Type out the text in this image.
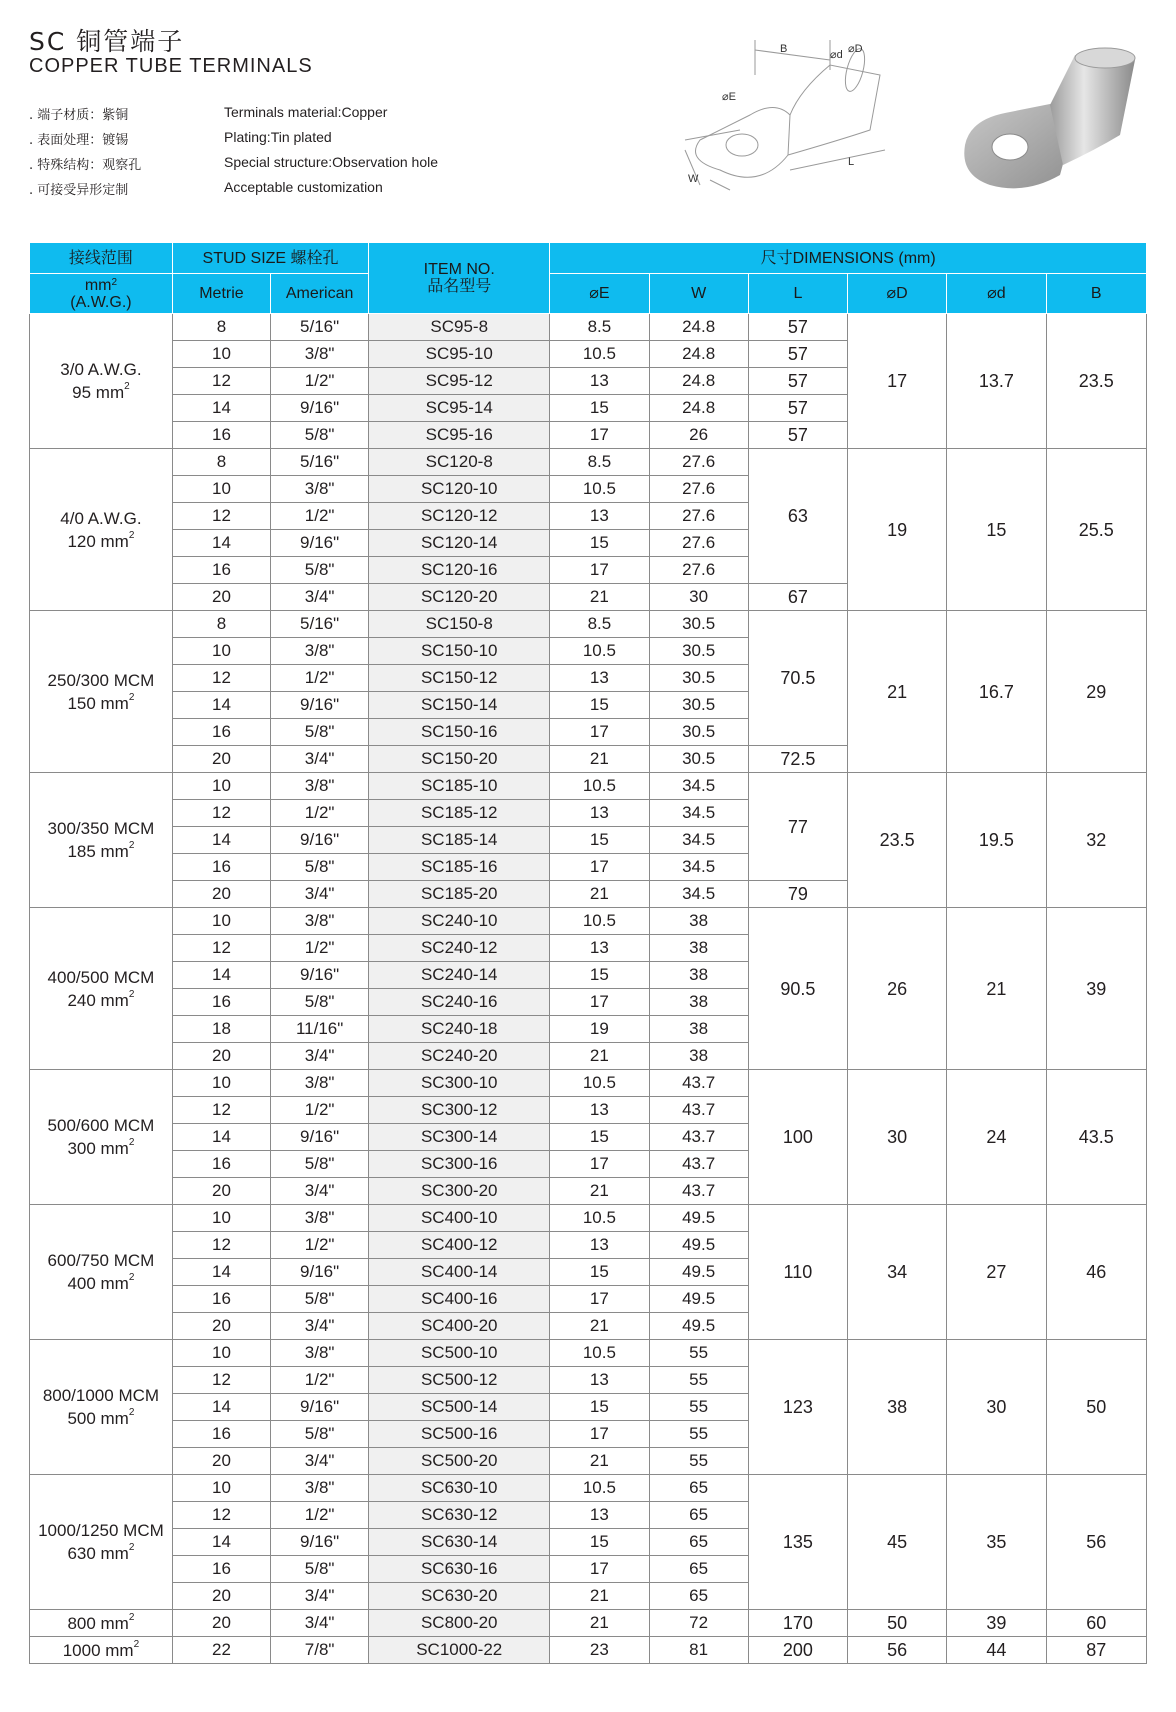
SC 铜管端子
COPPER TUBE TERMINALS
. 端子材质：紫铜	Terminals material:Copper
. 表面处理：镀锡	Plating:Tin plated
. 特殊结构：观察孔	Special structure:Observation hole
. 可接受异形定制	Acceptable customization
B	⌀d ⌀D
⌀E
L
W
接线范围	STUD SIZE 螺栓孔		ITEM NO.
品名型号	尺寸DIMENSIONS (mm)					

$mm^2$
(A.W.G.)	Metrie	American		⌀E	W	L	⌀D	⌀d	B

3/0 A.W.G.
95 $mm^2$	8	5/16"	SC95-8	8.5	24.8	57	17	13.7	23.5
	10	3/8"	SC95-10	10.5	24.8	57			
	12	1/2"	SC95-12	13	24.8	57			
	14	9/16"	SC95-14	15	24.8	57			
	16	5/8"	SC95-16	17	26	57			

4/0 A.W.G.
120 $mm^2$	8	5/16"	SC120-8	8.5	27.6	63	19	15	25.5
	10	3/8"	SC120-10	10.5	27.6				
	12	1/2"	SC120-12	13	27.6				
	14	9/16"	SC120-14	15	27.6				
	16	5/8"	SC120-16	17	27.6				
	20	3/4"	SC120-20	21	30	67			

250/300 MCM
150 $mm^2$	8	5/16"	SC150-8	8.5	30.5	70.5	21	16.7	29
	10	3/8"	SC150-10	10.5	30.5				
	12	1/2"	SC150-12	13	30.5				
	14	9/16"	SC150-14	15	30.5				
	16	5/8"	SC150-16	17	30.5				
	20	3/4"	SC150-20	21	30.5	72.5			

300/350 MCM
185 $mm^2$	10	3/8"	SC185-10	10.5	34.5	77	23.5	19.5	32
	12	1/2"	SC185-12	13	34.5				
	14	9/16"	SC185-14	15	34.5				
	16	5/8"	SC185-16	17	34.5				
	20	3/4"	SC185-20	21	34.5	79			

400/500 MCM
240 $mm^2$	10	3/8"	SC240-10	10.5	38	90.5	26	21	39
	12	1/2"	SC240-12	13	38				
	14	9/16"	SC240-14	15	38				
	16	5/8"	SC240-16	17	38				
	18	11/16"	SC240-18	19	38				
	20	3/4"	SC240-20	21	38				

500/600 MCM
300 $mm^2$	10	3/8"	SC300-10	10.5	43.7	100	30	24	43.5
	12	1/2"	SC300-12	13	43.7				
	14	9/16"	SC300-14	15	43.7				
	16	5/8"	SC300-16	17	43.7				
	20	3/4"	SC300-20	21	43.7				

600/750 MCM
400 $mm^2$	10	3/8"	SC400-10	10.5	49.5	110	34	27	46
	12	1/2"	SC400-12	13	49.5				
	14	9/16"	SC400-14	15	49.5				
	16	5/8"	SC400-16	17	49.5				
	20	3/4"	SC400-20	21	49.5				

800/1000 MCM
500 $mm^2$	10	3/8"	SC500-10	10.5	55	123	38	30	50
	12	1/2"	SC500-12	13	55				
	14	9/16"	SC500-14	15	55				
	16	5/8"	SC500-16	17	55				
	20	3/4"	SC500-20	21	55				

1000/1250 MCM
630 $mm^2$	10	3/8"	SC630-10	10.5	65	135	45	35	56
	12	1/2"	SC630-12	13	65				
	14	9/16"	SC630-14	15	65				
	16	5/8"	SC630-16	17	65				
	20	3/4"	SC630-20	21	65				

800 $mm^2$	20	3/4"	SC800-20	21	72	170	50	39	60

1000 $mm^2$	22	7/8"	SC1000-22	23	81	200	56	44	87
